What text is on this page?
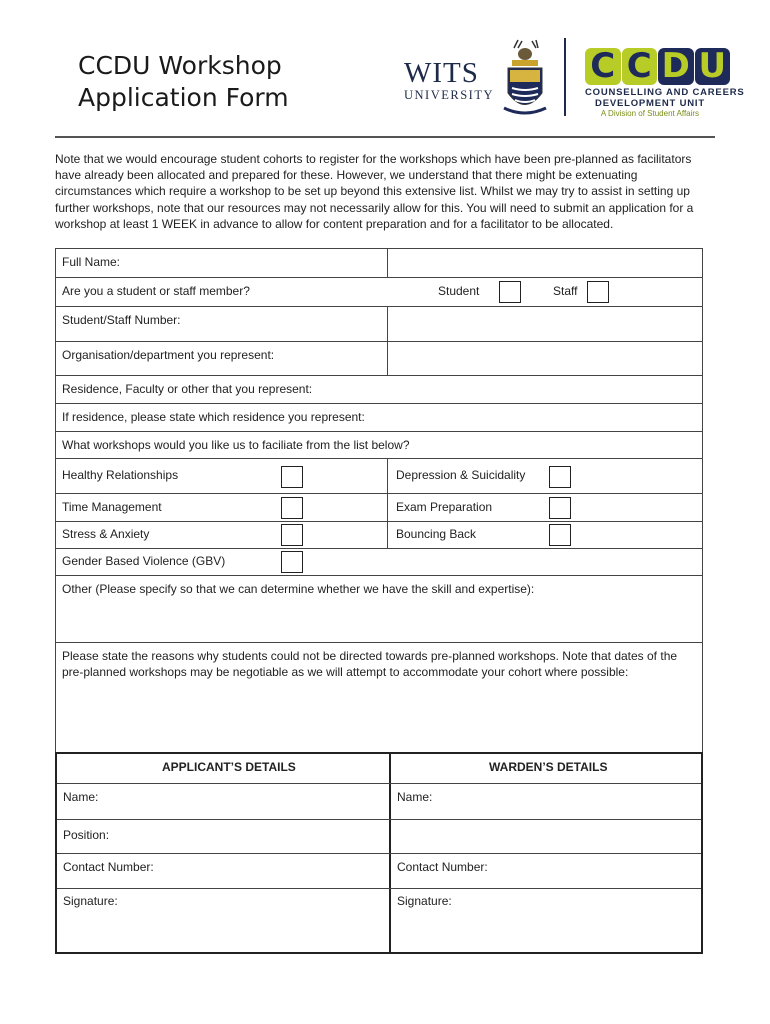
CCDU Workshop
Application Form
WITS
UNIVERSITY
C C D U
COUNSELLING AND CAREERS
DEVELOPMENT UNIT
A Division of Student Affairs
Note that we would encourage student cohorts to register for the workshops which have been pre-planned as facilitators have already been allocated and prepared for these. However, we understand that there might be extenuating circumstances which require a workshop to be set up beyond this extensive list. Whilst we may try to assist in setting up further workshops, note that our resources may not necessarily allow for this. You will need to submit an application for a workshop at least 1 WEEK in advance to allow for content preparation and for a facilitator to be allocated.
Full Name:
Are you a student or staff member?	Student	Staff
Student/Staff Number:
Organisation/department you represent:
Residence, Faculty or other that you represent:
If residence, please state which residence you represent:
What workshops would you like us to faciliate from the list below?
Healthy Relationships	Depression & Suicidality
Time Management	Exam Preparation
Stress & Anxiety	Bouncing Back
Gender Based Violence (GBV)
Other (Please specify so that we can determine whether we have the skill and expertise):
Please state the reasons why students could not be directed towards pre-planned workshops. Note that dates of the pre-planned workshops may be negotiable as we will attempt to accommodate your cohort where possible:
APPLICANT’S DETAILS	WARDEN’S DETAILS
Name:	Name:
Position:
Contact Number:	Contact Number:
Signature:	Signature:
